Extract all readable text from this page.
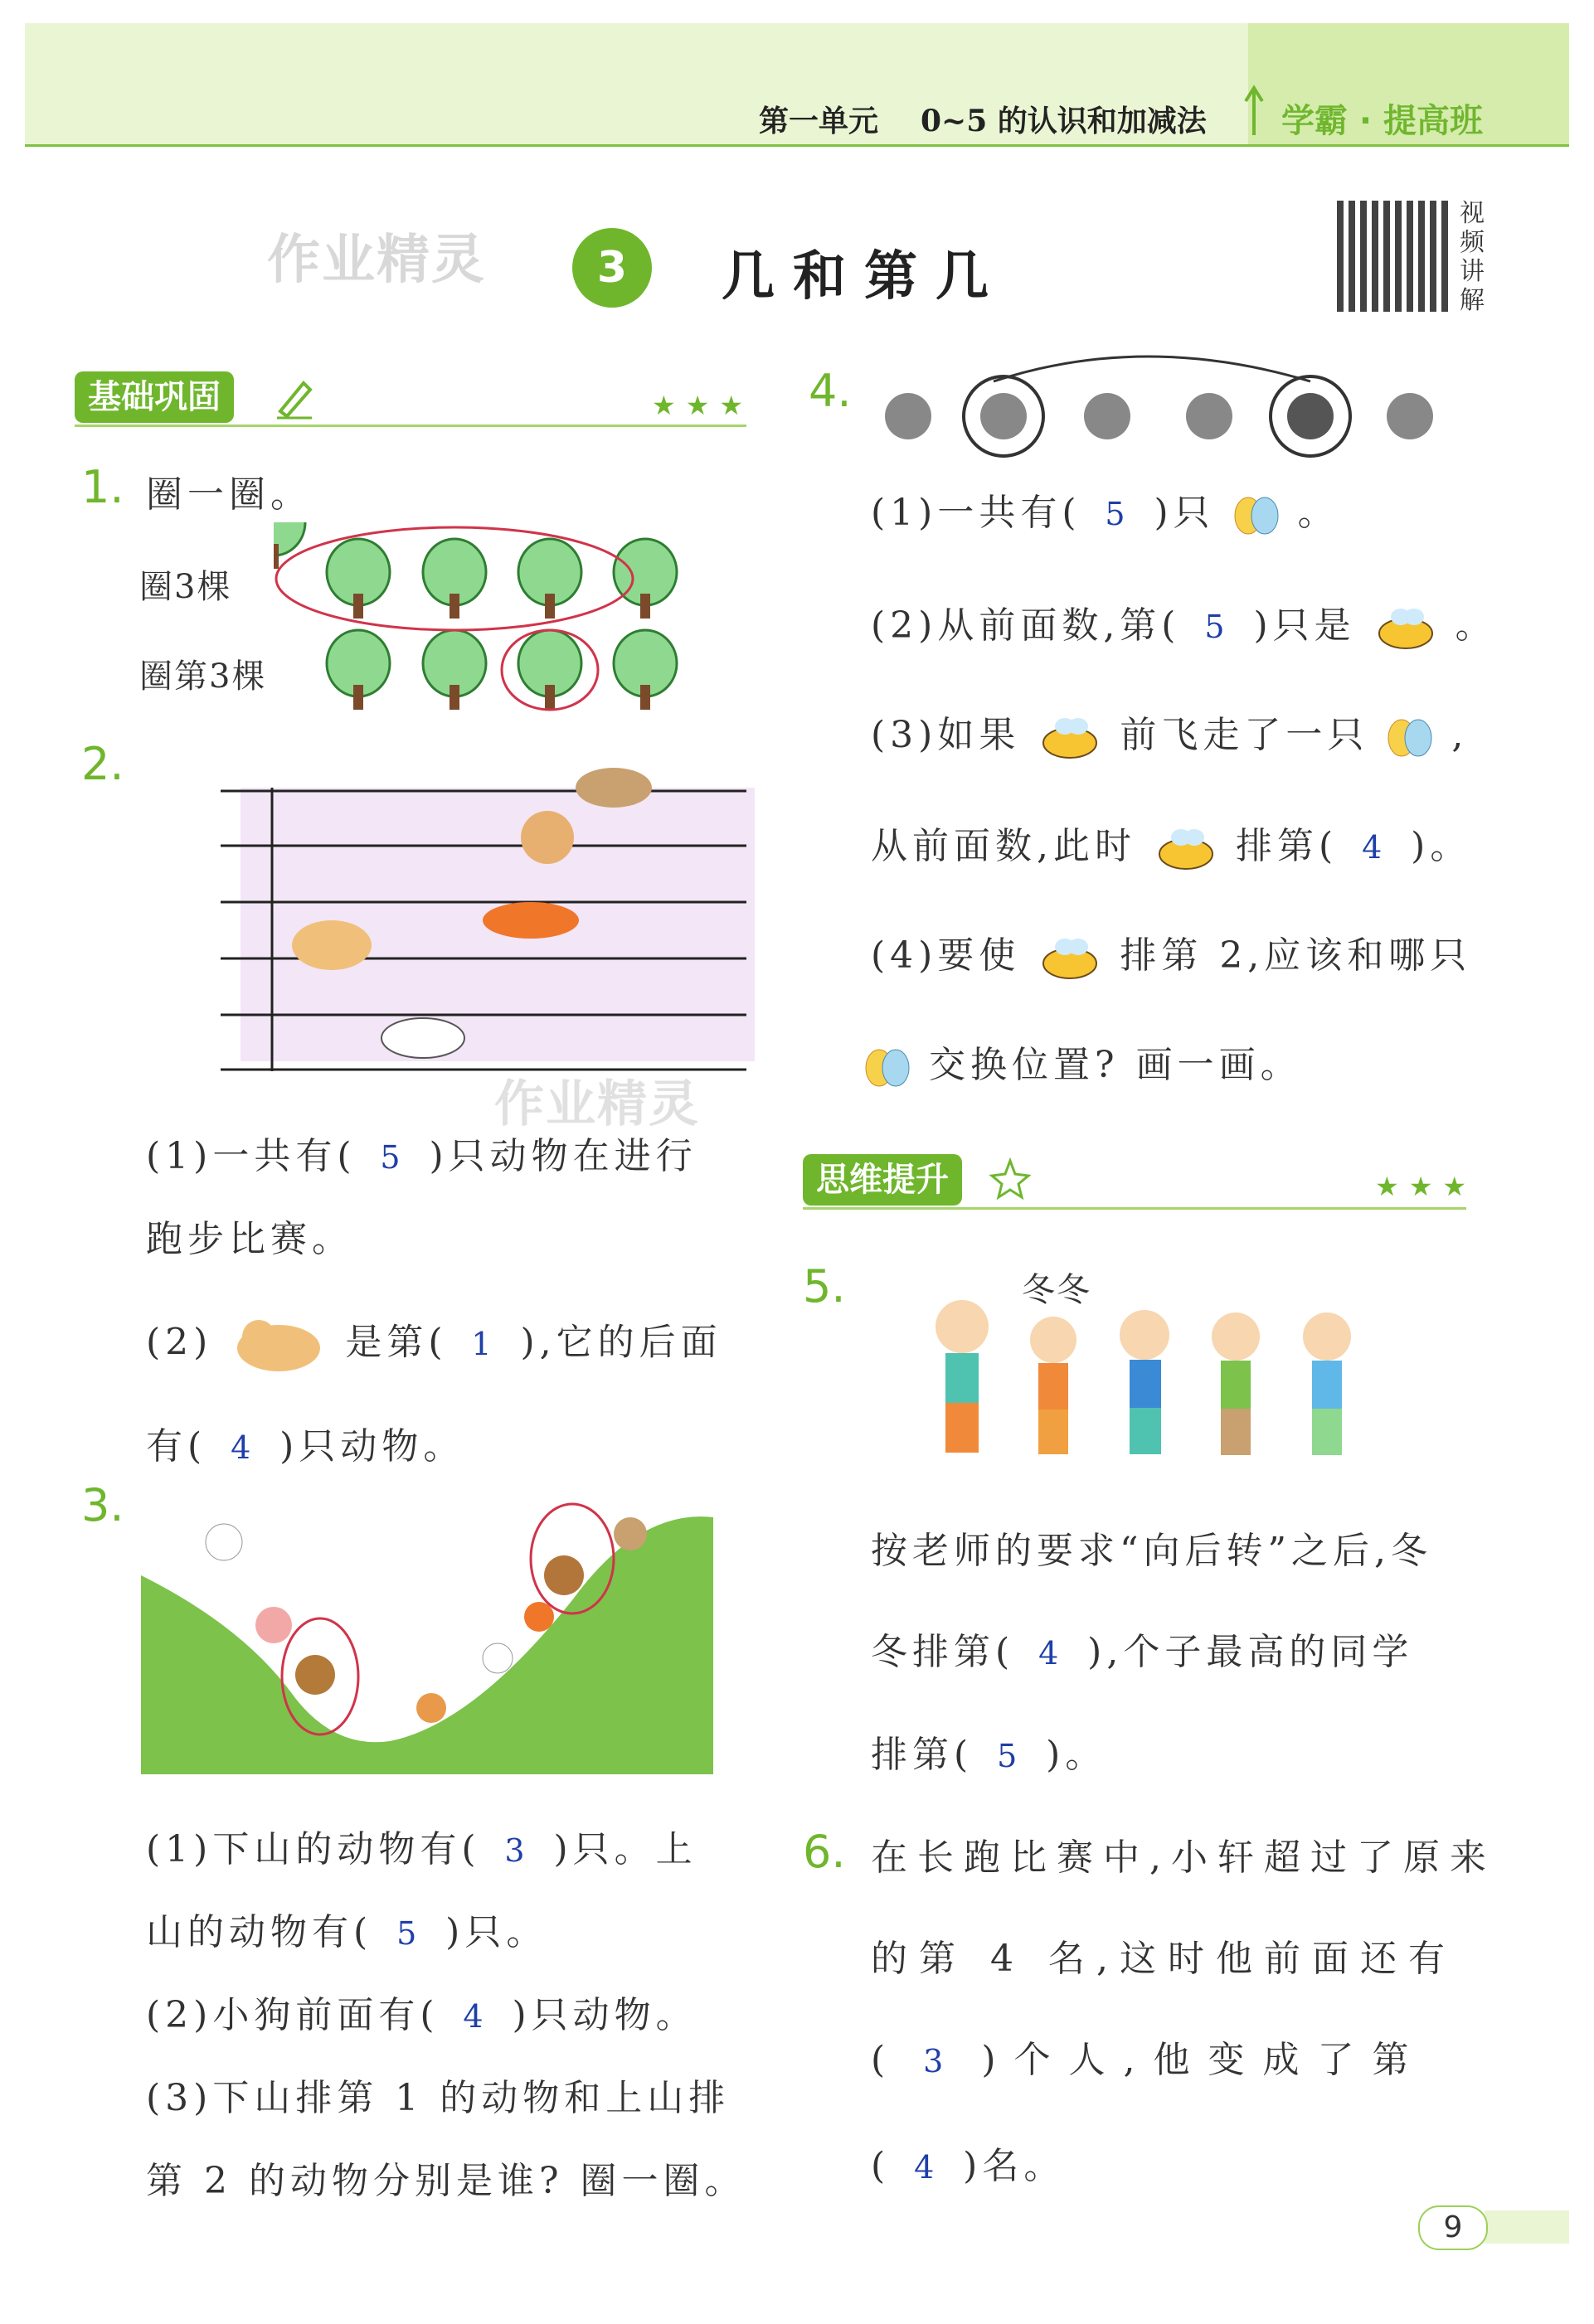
第一单元 0~5 的认识和加减法 学霸 · 提高班
作业精灵	3	几和第几
视频讲解
基础巩固	★★★
1. 圈一圈。
圈3棵
圈第3棵
2.
作业精灵
(1)一共有( 5 )只动物在进行
跑步比赛。
(2)	是第( 1 ),它的后面
有( 4 )只动物。
3.
(1)下山的动物有( 3 )只。上
山的动物有( 5 )只。
(2)小狗前面有( 4 )只动物。
(3)下山排第 1 的动物和上山排
第 2 的动物分别是谁? 圈一圈。
4.
(1)一共有( 5 )只 。
(2)从前面数,第( 5 )只是	。
(3)如果	前飞走了一只 ,
从前面数,此时	排第( 4 )。
(4)要使	排第 2,应该和哪只
交换位置? 画一画。
思维提升	★★★
5.	冬冬
按老师的要求“向后转”之后,冬
冬排第( 4 ),个子最高的同学
排第( 5 )。
6. 在长跑比赛中,小轩超过了原来
的第 4 名,这时他前面还有
( 3 )个人,他变成了第
( 4 )名。
9
